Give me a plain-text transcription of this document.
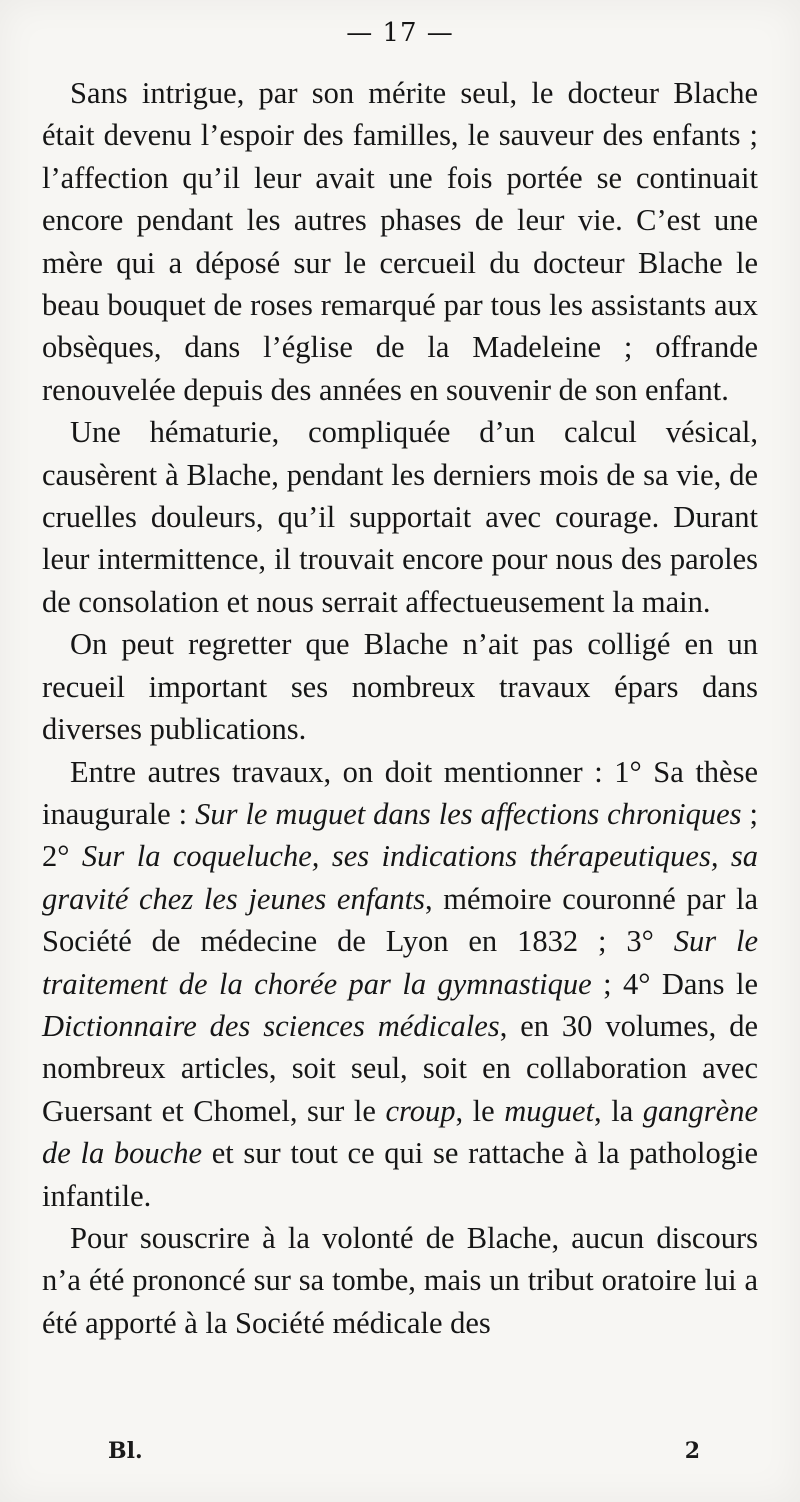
— 17 —

Sans intrigue, par son mérite seul, le docteur Blache était devenu l’espoir des familles, le sauveur des enfants ; l’affection qu’il leur avait une fois portée se continuait encore pendant les autres phases de leur vie. C’est une mère qui a déposé sur le cercueil du docteur Blache le beau bouquet de roses remarqué par tous les assistants aux obsèques, dans l’église de la Madeleine ; offrande renouvelée depuis des années en souvenir de son enfant.

Une hématurie, compliquée d’un calcul vésical, causèrent à Blache, pendant les derniers mois de sa vie, de cruelles douleurs, qu’il supportait avec courage. Durant leur intermittence, il trouvait encore pour nous des paroles de consolation et nous serrait affectueusement la main.

On peut regretter que Blache n’ait pas colligé en un recueil important ses nombreux travaux épars dans diverses publications.

Entre autres travaux, on doit mentionner : 1° Sa thèse inaugurale : Sur le muguet dans les affections chroniques ; 2° Sur la coqueluche, ses indications thérapeutiques, sa gravité chez les jeunes enfants, mémoire couronné par la Société de médecine de Lyon en 1832 ; 3° Sur le traitement de la chorée par la gymnastique ; 4° Dans le Dictionnaire des sciences médicales, en 30 volumes, de nombreux articles, soit seul, soit en collaboration avec Guersant et Chomel, sur le croup, le muguet, la gangrène de la bouche et sur tout ce qui se rattache à la pathologie infantile.

Pour souscrire à la volonté de Blache, aucun discours n’a été prononcé sur sa tombe, mais un tribut oratoire lui a été apporté à la Société médicale des

Bl.	2
